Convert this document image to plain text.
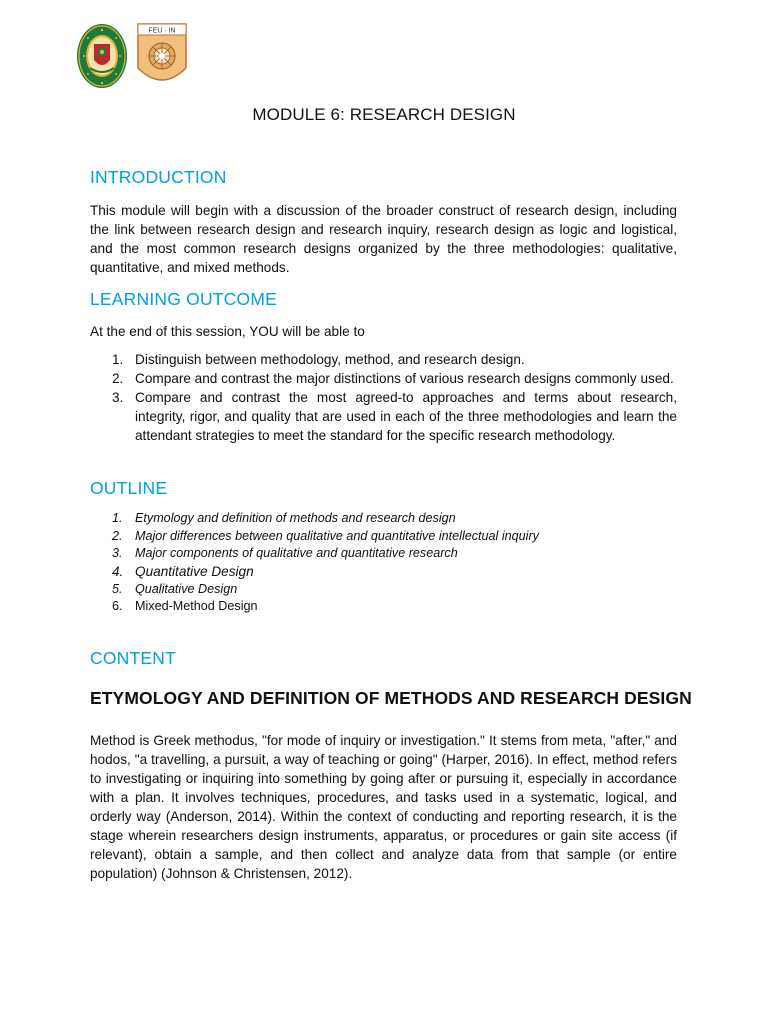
FEU · IN
MODULE 6: RESEARCH DESIGN
INTRODUCTION

This module will begin with a discussion of the broader construct of research design, including the link between research design and research inquiry, research design as logic and logistical, and the most common research designs organized by the three methodologies: qualitative, quantitative, and mixed methods.

LEARNING OUTCOME

At the end of this session, YOU will be able to

1. Distinguish between methodology, method, and research design.
2. Compare and contrast the major distinctions of various research designs commonly used.
3. Compare and contrast the most agreed-to approaches and terms about research, integrity, rigor, and quality that are used in each of the three methodologies and learn the attendant strategies to meet the standard for the specific research methodology.
OUTLINE
1. Etymology and definition of methods and research design
2. Major differences between qualitative and quantitative intellectual inquiry
3. Major components of qualitative and quantitative research
4. Quantitative Design
5. Qualitative Design
6. Mixed-Method Design
CONTENT
ETYMOLOGY AND DEFINITION OF METHODS AND RESEARCH DESIGN

Method is Greek methodus, "for mode of inquiry or investigation." It stems from meta, "after," and hodos, "a travelling, a pursuit, a way of teaching or going" (Harper, 2016). In effect, method refers to investigating or inquiring into something by going after or pursuing it, especially in accordance with a plan. It involves techniques, procedures, and tasks used in a systematic, logical, and orderly way (Anderson, 2014). Within the context of conducting and reporting research, it is the stage wherein researchers design instruments, apparatus, or procedures or gain site access (if relevant), obtain a sample, and then collect and analyze data from that sample (or entire population) (Johnson & Christensen, 2012).
